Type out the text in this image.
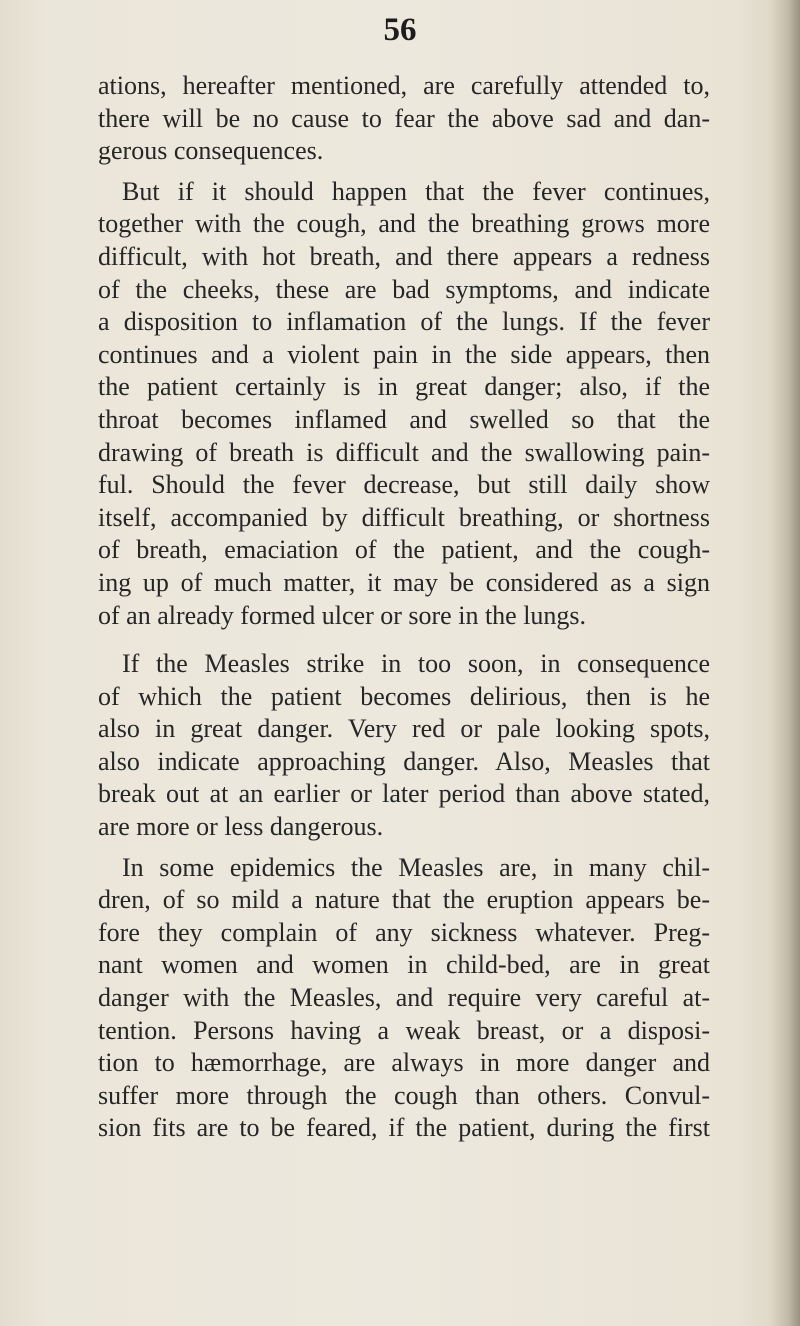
56
ations, hereafter mentioned, are carefully attended to,
there will be no cause to fear the above sad and dan-
gerous consequences.
But if it should happen that the fever continues,
together with the cough, and the breathing grows more
difficult, with hot breath, and there appears a redness
of the cheeks, these are bad symptoms, and indicate
a disposition to inflamation of the lungs. If the fever
continues and a violent pain in the side appears, then
the patient certainly is in great danger; also, if the
throat becomes inflamed and swelled so that the
drawing of breath is difficult and the swallowing pain-
ful. Should the fever decrease, but still daily show
itself, accompanied by difficult breathing, or shortness
of breath, emaciation of the patient, and the cough-
ing up of much matter, it may be considered as a sign
of an already formed ulcer or sore in the lungs.
If the Measles strike in too soon, in consequence
of which the patient becomes delirious, then is he
also in great danger. Very red or pale looking spots,
also indicate approaching danger. Also, Measles that
break out at an earlier or later period than above stated,
are more or less dangerous.
In some epidemics the Measles are, in many chil-
dren, of so mild a nature that the eruption appears be-
fore they complain of any sickness whatever. Preg-
nant women and women in child-bed, are in great
danger with the Measles, and require very careful at-
tention. Persons having a weak breast, or a disposi-
tion to hæmorrhage, are always in more danger and
suffer more through the cough than others. Convul-
sion fits are to be feared, if the patient, during the first
